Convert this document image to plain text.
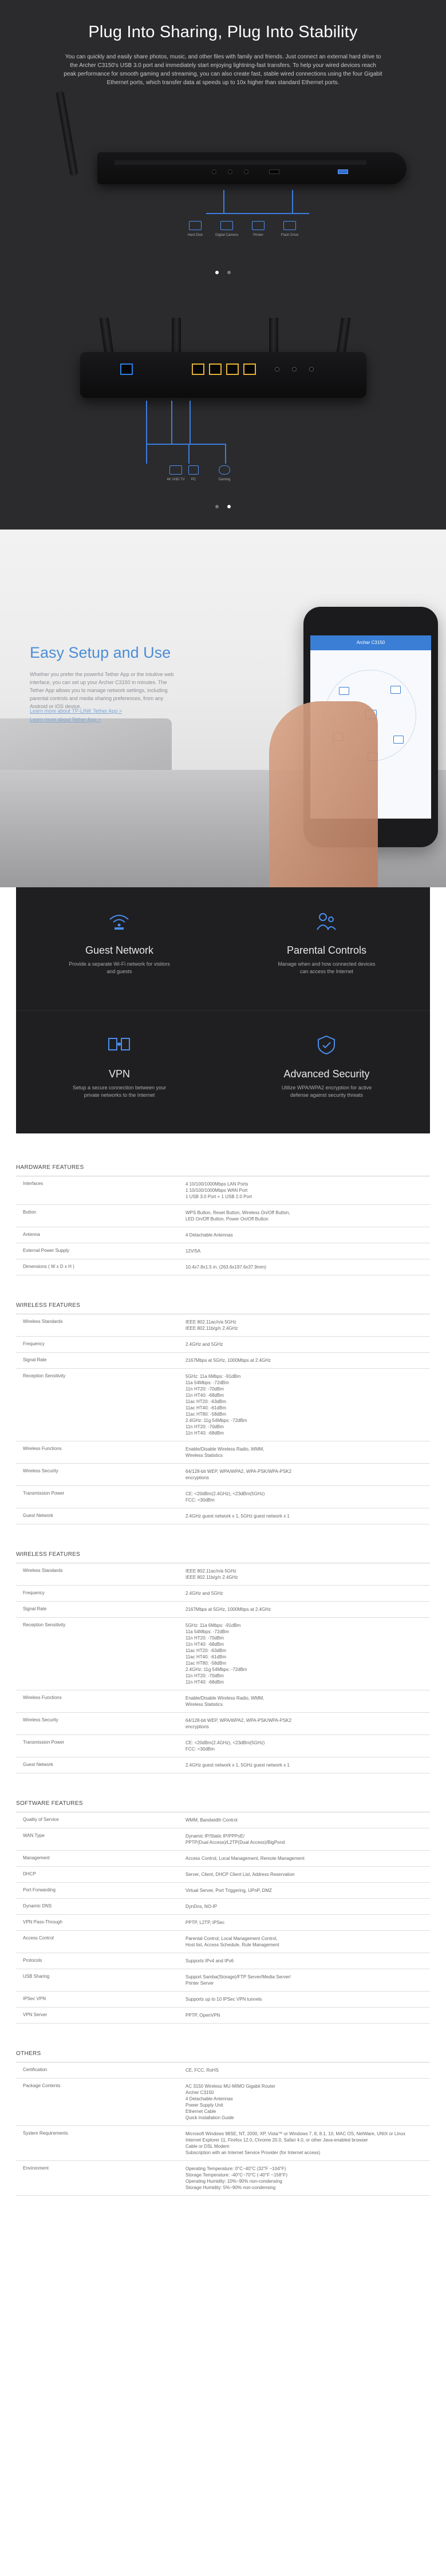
Plug Into Sharing, Plug Into Stability

You can quickly and easily share photos, music, and other files with family and friends. Just connect an external hard drive to the Archer C3150's USB 3.0 port and immediately start enjoying lightning-fast transfers. To help your wired devices reach peak performance for smooth gaming and streaming, you can also create fast, stable wired connections using the four Gigabit Ethernet ports, which transfer data at speeds up to 10x higher than standard Ethernet ports.

Hard Disk	Digital Camera	Printer	Flash Drive

4K UHD TV	PC	Gaming

Easy Setup and Use

Whether you prefer the powerful Tether App or the intuitive web interface, you can set up your Archer C3150 in minutes. The Tether App allows you to manage network settings, including parental controls and media sharing preferences, from any Android or iOS device.

Learn more about TP-LINK Tether App >
Learn more about Tether App >
Archer C3150
Guest Network
Provide a separate Wi-Fi network for visitors and guests
Parental Controls
Manage when and how connected devices can access the Internet
VPN
Setup a secure connection between your private networks to the Internet
Advanced Security
Utilize WPA/WPA2 encryption for active defense against security threats
HARDWARE FEATURES
Interfaces	4 10/100/1000Mbps LAN Ports
1 10/100/1000Mbps WAN Port
1 USB 3.0 Port + 1 USB 2.0 Port
Button	WPS Button, Reset Button, Wireless On/Off Button,
LED On/Off Button, Power On/Off Button
Antenna	4 Detachable Antennas
External Power Supply	12V/5A
Dimensions ( W x D x H )	10.4x7.8x1.5 in. (263.6x197.6x37.9mm)
WIRELESS FEATURES
Wireless Standards	IEEE 802.11ac/n/a 5GHz
IEEE 802.11b/g/n 2.4GHz
Frequency	2.4GHz and 5GHz
Signal Rate	2167Mbps at 5GHz, 1000Mbps at 2.4GHz
Reception Sensitivity	5GHz: 11a 6Mbps: -91dBm
11a 54Mbps: -72dBm
11n HT20: -70dBm
11n HT40: -68dBm
11ac HT20: -63dBm
11ac HT40: -61dBm
11ac HT80: -58dBm
2.4GHz: 11g 54Mbps: -72dBm
11n HT20: -70dBm
11n HT40: -68dBm
Wireless Functions	Enable/Disable Wireless Radio, WMM,
Wireless Statistics
Wireless Security	64/128-bit WEP, WPA/WPA2, WPA-PSK/WPA-PSK2
encryptions
Transmission Power	CE: <20dBm(2.4GHz), <23dBm(5GHz)
FCC: <30dBm
Guest Network	2.4GHz guest network x 1, 5GHz guest network x 1
WIRELESS FEATURES
Wireless Standards	IEEE 802.11ac/n/a 5GHz
IEEE 802.11b/g/n 2.4GHz
Frequency	2.4GHz and 5GHz
Signal Rate	2167Mbps at 5GHz, 1000Mbps at 2.4GHz
Reception Sensitivity	5GHz: 11a 6Mbps: -91dBm
11a 54Mbps: -72dBm
11n HT20: -70dBm
11n HT40: -68dBm
11ac HT20: -63dBm
11ac HT40: -61dBm
11ac HT80: -58dBm
2.4GHz: 11g 54Mbps: -72dBm
11n HT20: -70dBm
11n HT40: -68dBm
Wireless Functions	Enable/Disable Wireless Radio, WMM,
Wireless Statistics
Wireless Security	64/128-bit WEP, WPA/WPA2, WPA-PSK/WPA-PSK2
encryptions
Transmission Power	CE: <20dBm(2.4GHz), <23dBm(5GHz)
FCC: <30dBm
Guest Network	2.4GHz guest network x 1, 5GHz guest network x 1
SOFTWARE FEATURES
Quality of Service	WMM, Bandwidth Control
WAN Type	Dynamic IP/Static IP/PPPoE/
PPTP(Dual Access)/L2TP(Dual Access)/BigPond
Management	Access Control, Local Management, Remote Management
DHCP	Server, Client, DHCP Client List, Address Reservation
Port Forwarding	Virtual Server, Port Triggering, UPnP, DMZ
Dynamic DNS	DynDns, NO-IP
VPN Pass-Through	PPTP, L2TP, IPSec
Access Control	Parental Control, Local Management Control,
Host list, Access Schedule, Rule Management
Protocols	Supports IPv4 and IPv6
USB Sharing	Support Samba(Storage)/FTP Server/Media Server/
Printer Server
IPSec VPN	Supports up to 10 IPSec VPN tunnels
VPN Server	PPTP, OpenVPN
OTHERS
Certification	CE, FCC, RoHS
Package Contents	AC 3150 Wireless MU-MIMO Gigabit Router
Archer C3150
4 Detachable Antennas
Power Supply Unit
Ethernet Cable
Quick Installation Guide
System Requirements	Microsoft Windows 98SE, NT, 2000, XP, Vista™ or Windows 7, 8, 8.1, 10, MAC OS, NetWare, UNIX or Linux
Internet Explorer 11, Firefox 12.0, Chrome 20.0, Safari 4.0, or other Java-enabled browser
Cable or DSL Modem
Subscription with an Internet Service Provider (for Internet access)
Environment	Operating Temperature: 0°C~40°C (32°F ~104°F)
Storage Temperature: -40°C~70°C (-40°F ~158°F)
Operating Humidity: 10%~90% non-condensing
Storage Humidity: 5%~90% non-condensing
